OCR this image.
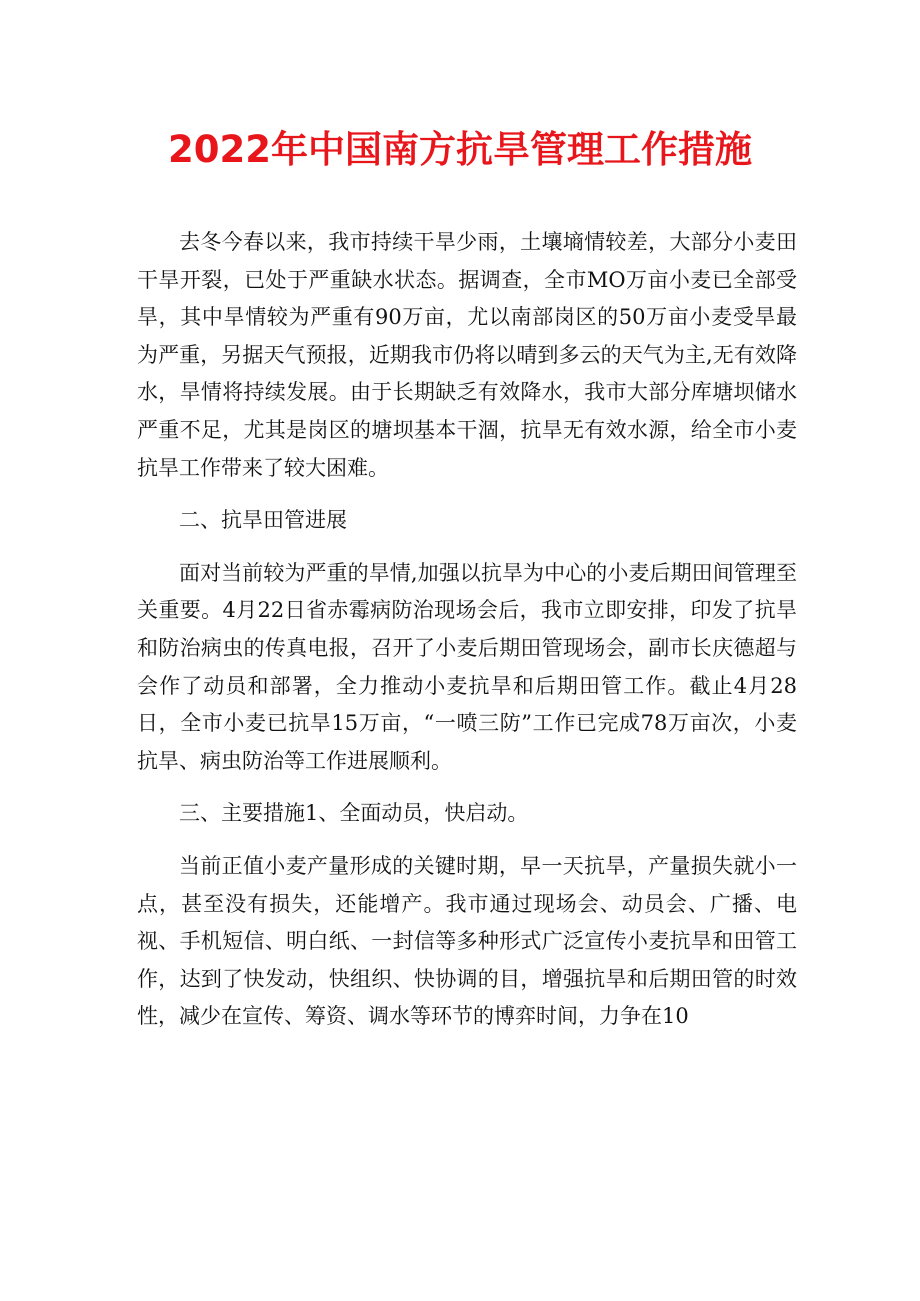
2022年中国南方抗旱管理工作措施

去冬今春以来，我市持续干旱少雨，土壤墒情较差，大部分小麦田干旱开裂，已处于严重缺水状态。据调查，全市MO万亩小麦已全部受旱，其中旱情较为严重有90万亩，尤以南部岗区的50万亩小麦受旱最为严重，另据天气预报，近期我市仍将以晴到多云的天气为主,无有效降水，旱情将持续发展。由于长期缺乏有效降水，我市大部分库塘坝储水严重不足，尤其是岗区的塘坝基本干涸，抗旱无有效水源，给全市小麦抗旱工作带来了较大困难。

二、抗旱田管进展

面对当前较为严重的旱情,加强以抗旱为中心的小麦后期田间管理至关重要。4月22日省赤霉病防治现场会后，我市立即安排，印发了抗旱和防治病虫的传真电报，召开了小麦后期田管现场会，副市长庆德超与会作了动员和部署，全力推动小麦抗旱和后期田管工作。截止4月28日，全市小麦已抗旱15万亩，“一喷三防”工作已完成78万亩次，小麦抗旱、病虫防治等工作进展顺利。

三、主要措施1、全面动员，快启动。

当前正值小麦产量形成的关键时期，早一天抗旱，产量损失就小一点，甚至没有损失，还能增产。我市通过现场会、动员会、广播、电视、手机短信、明白纸、一封信等多种形式广泛宣传小麦抗旱和田管工作，达到了快发动，快组织、快协调的目，增强抗旱和后期田管的时效性，减少在宣传、筹资、调水等环节的博弈时间，力争在10
